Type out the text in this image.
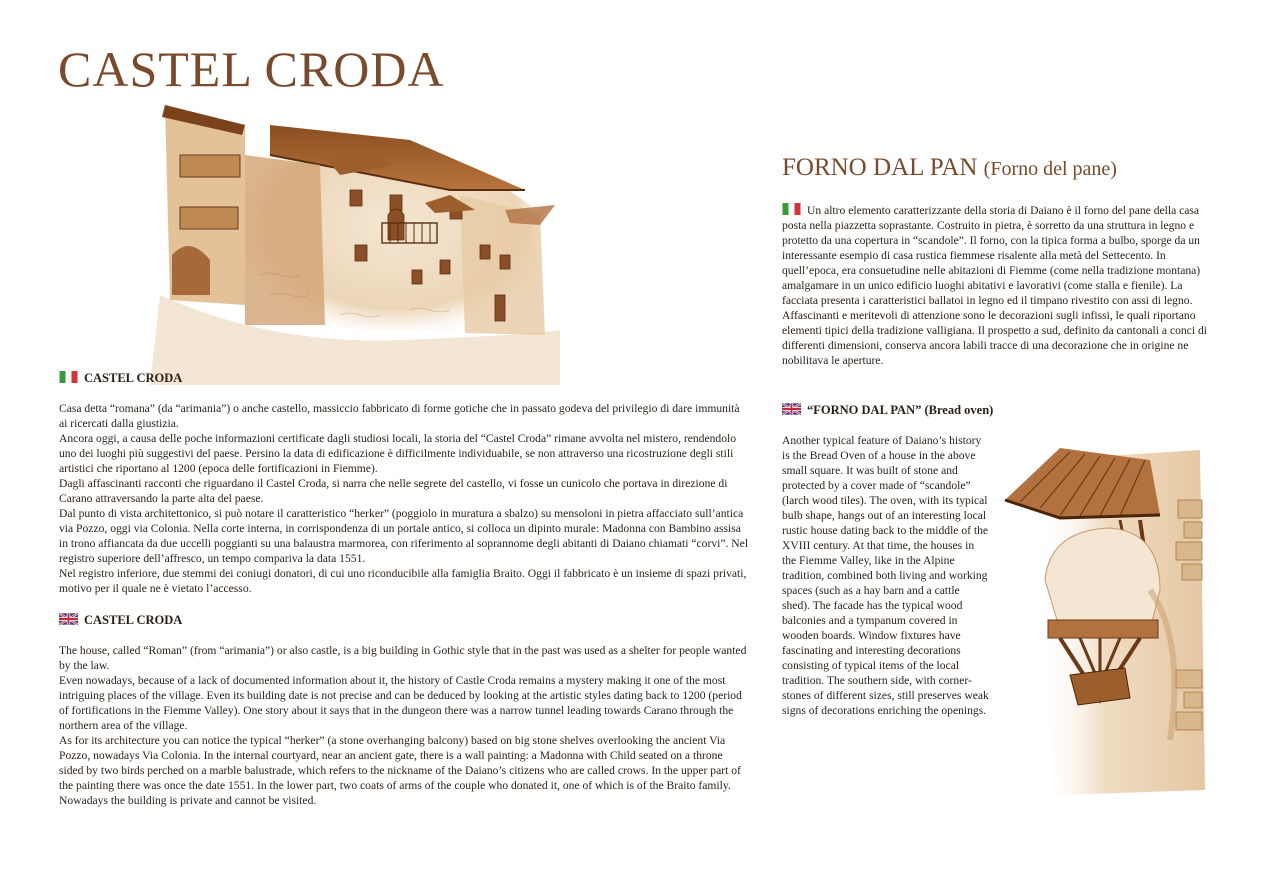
CASTEL CRODA
CASTEL CRODA

Casa detta “romana” (da “arimania”) o anche castello, massiccio fabbricato di forme gotiche che in passato godeva del privilegio di dare immunità ai ricercati dalla giustizia.

Ancora oggi, a causa delle poche informazioni certificate dagli studiosi locali, la storia del “Castel Croda” rimane avvolta nel mistero, rendendolo uno dei luoghi più suggestivi del paese. Persino la data di edificazione è difficilmente individuabile, se non attraverso una ricostruzione degli stili artistici che riportano al 1200 (epoca delle fortificazioni in Fiemme).

Dagli affascinanti racconti che riguardano il Castel Croda, si narra che nelle segrete del castello, vi fosse un cunicolo che portava in direzione di Carano attraversando la parte alta del paese.

Dal punto di vista architettonico, si può notare il caratteristico “herker” (poggiolo in muratura a sbalzo) su mensoloni in pietra affacciato sull’antica via Pozzo, oggi via Colonia. Nella corte interna, in corrispondenza di un portale antico, si colloca un dipinto murale: Madonna con Bambino assisa in trono affiancata da due uccelli poggianti su una balaustra marmorea, con riferimento al soprannome degli abitanti di Daiano chiamati “corvi”. Nel registro superiore dell’affresco, un tempo compariva la data 1551.

Nel registro inferiore, due stemmi dei coniugi donatori, di cui uno riconducibile alla famiglia Braito. Oggi il fabbricato è un insieme di spazi privati, motivo per il quale ne è vietato l’accesso.

CASTEL CRODA

The house, called “Roman” (from “arimania”) or also castle, is a big building in Gothic style that in the past was used as a shelter for people wanted by the law.

Even nowadays, because of a lack of documented information about it, the history of Castle Croda remains a mystery making it one of the most intriguing places of the village. Even its building date is not precise and can be deduced by looking at the artistic styles dating back to 1200 (period of fortifications in the Fiemme Valley). One story about it says that in the dungeon there was a narrow tunnel leading towards Carano through the northern area of the village.

As for its architecture you can notice the typical “herker” (a stone overhanging balcony) based on big stone shelves overlooking the ancient Via Pozzo, nowadays Via Colonia. In the internal courtyard, near an ancient gate, there is a wall painting: a Madonna with Child seated on a throne sided by two birds perched on a marble balustrade, which refers to the nickname of the Daiano’s citizens who are called crows. In the upper part of the painting there was once the date 1551. In the lower part, two coats of arms of the couple who donated it, one of which is of the Braito family. Nowadays the building is private and cannot be visited.

FORNO DAL PAN (Forno del pane)

Un altro elemento caratterizzante della storia di Daiano è il forno del pane della casa posta nella piazzetta soprastante. Costruito in pietra, è sorretto da una struttura in legno e protetto da una copertura in “scandole”. Il forno, con la tipica forma a bulbo, sporge da un interessante esempio di casa rustica fiemmese risalente alla metà del Settecento. In quell’epoca, era consuetudine nelle abitazioni di Fiemme (come nella tradizione montana) amalgamare in un unico edificio luoghi abitativi e lavorativi (come stalla e fienile). La facciata presenta i caratteristici ballatoi in legno ed il timpano rivestito con assi di legno. Affascinanti e meritevoli di attenzione sono le decorazioni sugli infissi, le quali riportano elementi tipici della tradizione valligiana. Il prospetto a sud, definito da cantonali a conci di differenti dimensioni, conserva ancora labili tracce di una decorazione che in origine ne nobilitava le aperture.

“FORNO DAL PAN” (Bread oven)

Another typical feature of Daiano’s history is the Bread Oven of a house in the above small square. It was built of stone and protected by a cover made of “scandole” (larch wood tiles). The oven, with its typical bulb shape, hangs out of an interesting local rustic house dating back to the middle of the XVIII century. At that time, the houses in the Fiemme Valley, like in the Alpine tradition, combined both living and working spaces (such as a hay barn and a cattle shed). The facade has the typical wood balconies and a tympanum covered in wooden boards. Window fixtures have fascinating and interesting decorations consisting of typical items of the local tradition. The southern side, with corner-stones of different sizes, still preserves weak signs of decorations enriching the openings.
